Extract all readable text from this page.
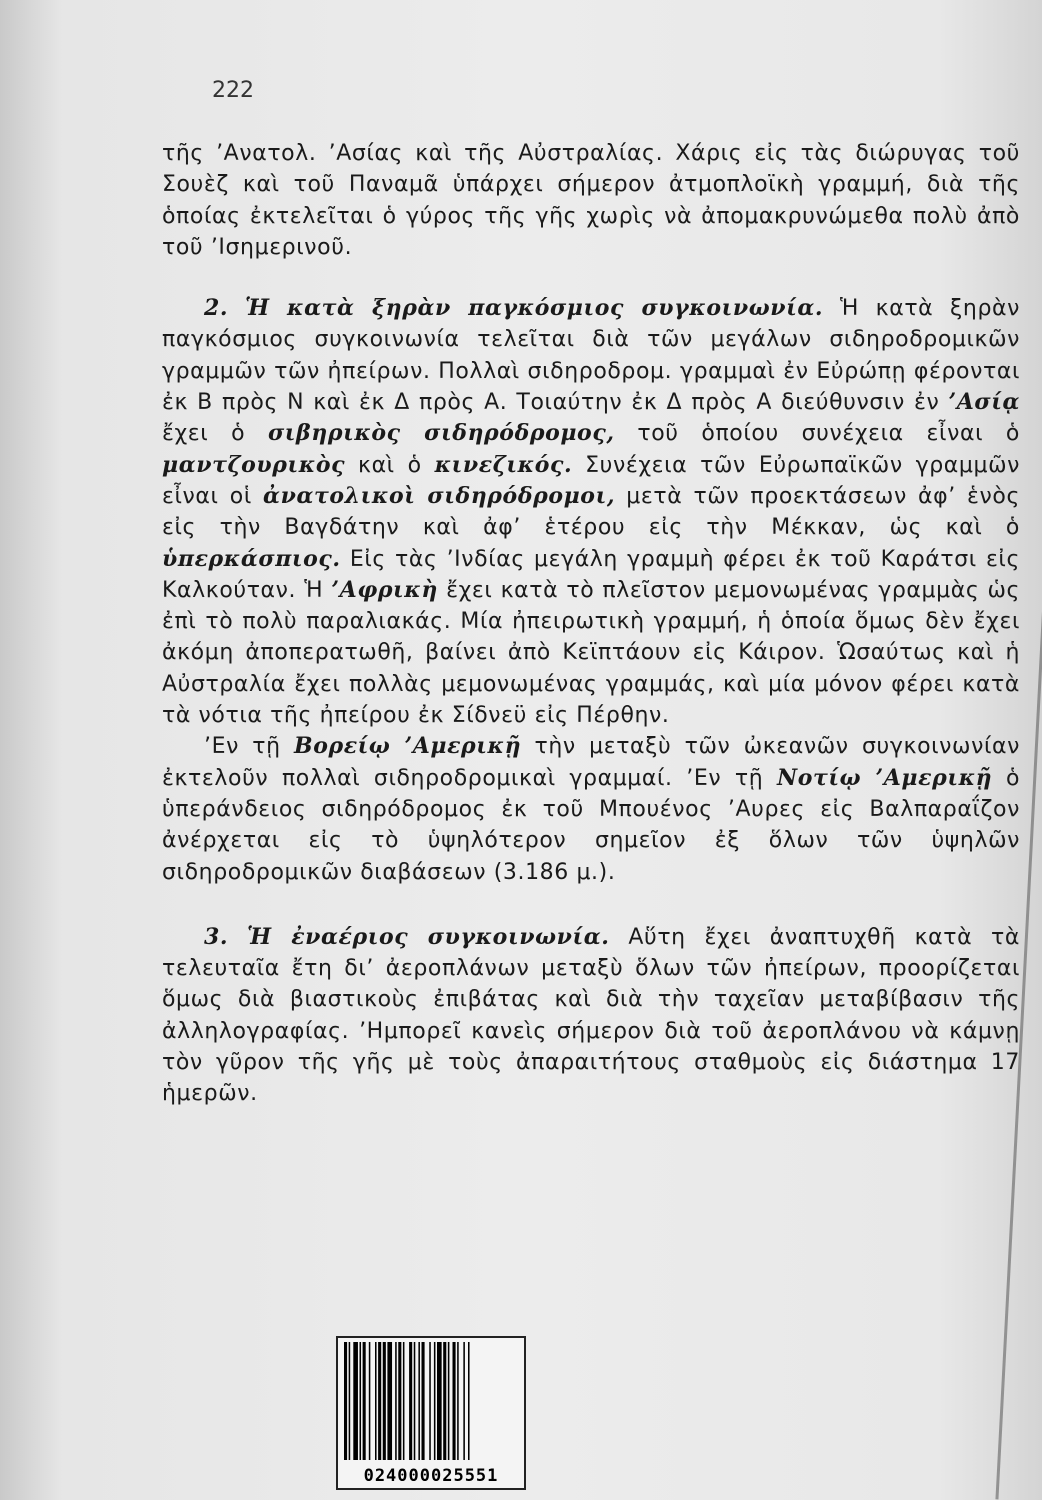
222

τῆς ’Ανατολ. ’Ασίας καὶ τῆς Αὐστραλίας. Χάρις εἰς τὰς διώρυγας τοῦ Σουὲζ καὶ τοῦ Παναμᾶ ὑπάρχει σήμερον ἀτμοπλοϊκὴ γραμμή, διὰ τῆς ὁποίας ἐκτελεῖται ὁ γύρος τῆς γῆς χωρὶς νὰ ἀπομακρυνώμεθα πολὺ ἀπὸ τοῦ ’Ισημερινοῦ.

2. Ἡ κατὰ ξηρὰν παγκόσμιος συγκοινωνία. Ἡ κατὰ ξηρὰν παγκόσμιος συγκοινωνία τελεῖται διὰ τῶν μεγάλων σιδηροδρομικῶν γραμμῶν τῶν ἠπείρων. Πολλαὶ σιδηροδρομ. γραμμαὶ ἐν Εὐρώπῃ φέρονται ἐκ Β πρὸς Ν καὶ ἐκ Δ πρὸς Α. Τοιαύτην ἐκ Δ πρὸς Α διεύθυνσιν ἐν ’Ασίᾳ ἔχει ὁ σιβηρικὸς σιδηρόδρομος, τοῦ ὁποίου συνέχεια εἶναι ὁ μαντζουρικὸς καὶ ὁ κινεζικός. Συνέχεια τῶν Εὐρωπαϊκῶν γραμμῶν εἶναι οἱ ἀνατολικοὶ σιδηρόδρομοι, μετὰ τῶν προεκτάσεων ἀφ’ ἑνὸς εἰς τὴν Βαγδάτην καὶ ἀφ’ ἑτέρου εἰς τὴν Μέκκαν, ὡς καὶ ὁ ὑπερκάσπιος. Εἰς τὰς ’Ινδίας μεγάλη γραμμὴ φέρει ἐκ τοῦ Καράτσι εἰς Καλκούταν. Ἡ ’Αφρικὴ ἔχει κατὰ τὸ πλεῖστον μεμονωμένας γραμμὰς ὡς ἐπὶ τὸ πολὺ παραλιακάς. Μία ἠπειρωτικὴ γραμμή, ἡ ὁποία ὅμως δὲν ἔχει ἀκόμη ἀποπερατωθῆ, βαίνει ἀπὸ Κεϊπτάουν εἰς Κάιρον. Ὡσαύτως καὶ ἡ Αὐστραλία ἔχει πολλὰς μεμονωμένας γραμμάς, καὶ μία μόνον φέρει κατὰ τὰ νότια τῆς ἠπείρου ἐκ Σίδνεϋ εἰς Πέρθην.

’Εν τῇ Βορείῳ ’Αμερικῇ τὴν μεταξὺ τῶν ὠκεανῶν συγκοινωνίαν ἐκτελοῦν πολλαὶ σιδηροδρομικαὶ γραμμαί. ’Εν τῇ Νοτίῳ ’Αμερικῇ ὁ ὑπεράνδειος σιδηρόδρομος ἐκ τοῦ Μπουένος ’Αυρες εἰς Βαλπαραΐζον ἀνέρχεται εἰς τὸ ὑψηλότερον σημεῖον ἐξ ὅλων τῶν ὑψηλῶν σιδηροδρομικῶν διαβάσεων (3.186 μ.).

3. Ἡ ἐναέριος συγκοινωνία. Αὕτη ἔχει ἀναπτυχθῆ κατὰ τὰ τελευταῖα ἔτη δι’ ἀεροπλάνων μεταξὺ ὅλων τῶν ἠπείρων, προορίζεται ὅμως διὰ βιαστικοὺς ἐπιβάτας καὶ διὰ τὴν ταχεῖαν μεταβίβασιν τῆς ἀλληλογραφίας. ’Ημπορεῖ κανεὶς σήμερον διὰ τοῦ ἀεροπλάνου νὰ κάμνῃ τὸν γῦρον τῆς γῆς μὲ τοὺς ἀπαραιτήτους σταθμοὺς εἰς διάστημα 17 ἡμερῶν.

024000025551
